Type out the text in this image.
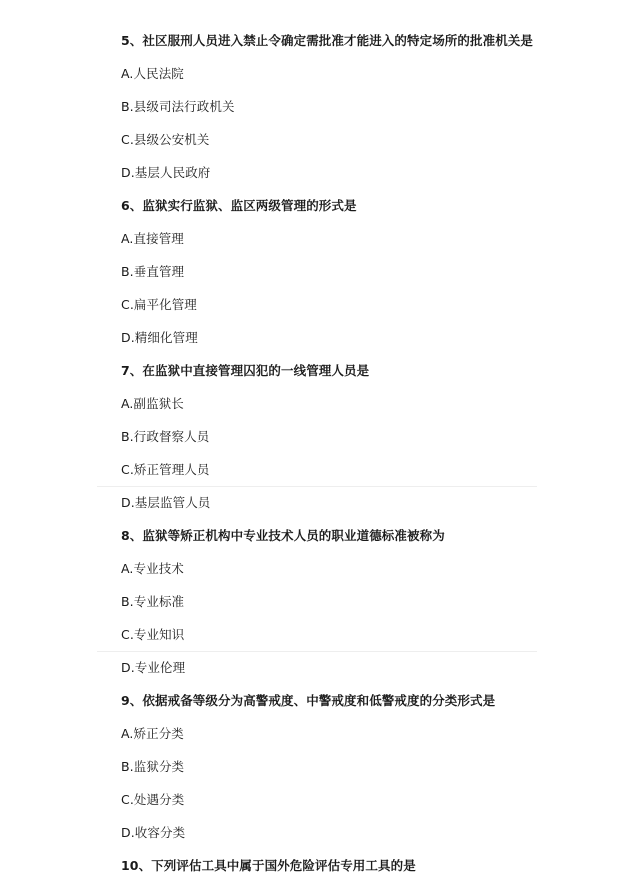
5、社区服刑人员进入禁止令确定需批准才能进入的特定场所的批准机关是
A.人民法院
B.县级司法行政机关
C.县级公安机关
D.基层人民政府
6、监狱实行监狱、监区两级管理的形式是
A.直接管理
B.垂直管理
C.扁平化管理
D.精细化管理
7、在监狱中直接管理囚犯的一线管理人员是
A.副监狱长
B.行政督察人员
C.矫正管理人员
D.基层监管人员
8、监狱等矫正机构中专业技术人员的职业道德标准被称为
A.专业技术
B.专业标准
C.专业知识
D.专业伦理
9、依据戒备等级分为高警戒度、中警戒度和低警戒度的分类形式是
A.矫正分类
B.监狱分类
C.处遇分类
D.收容分类
10、下列评估工具中属于国外危险评估专用工具的是
